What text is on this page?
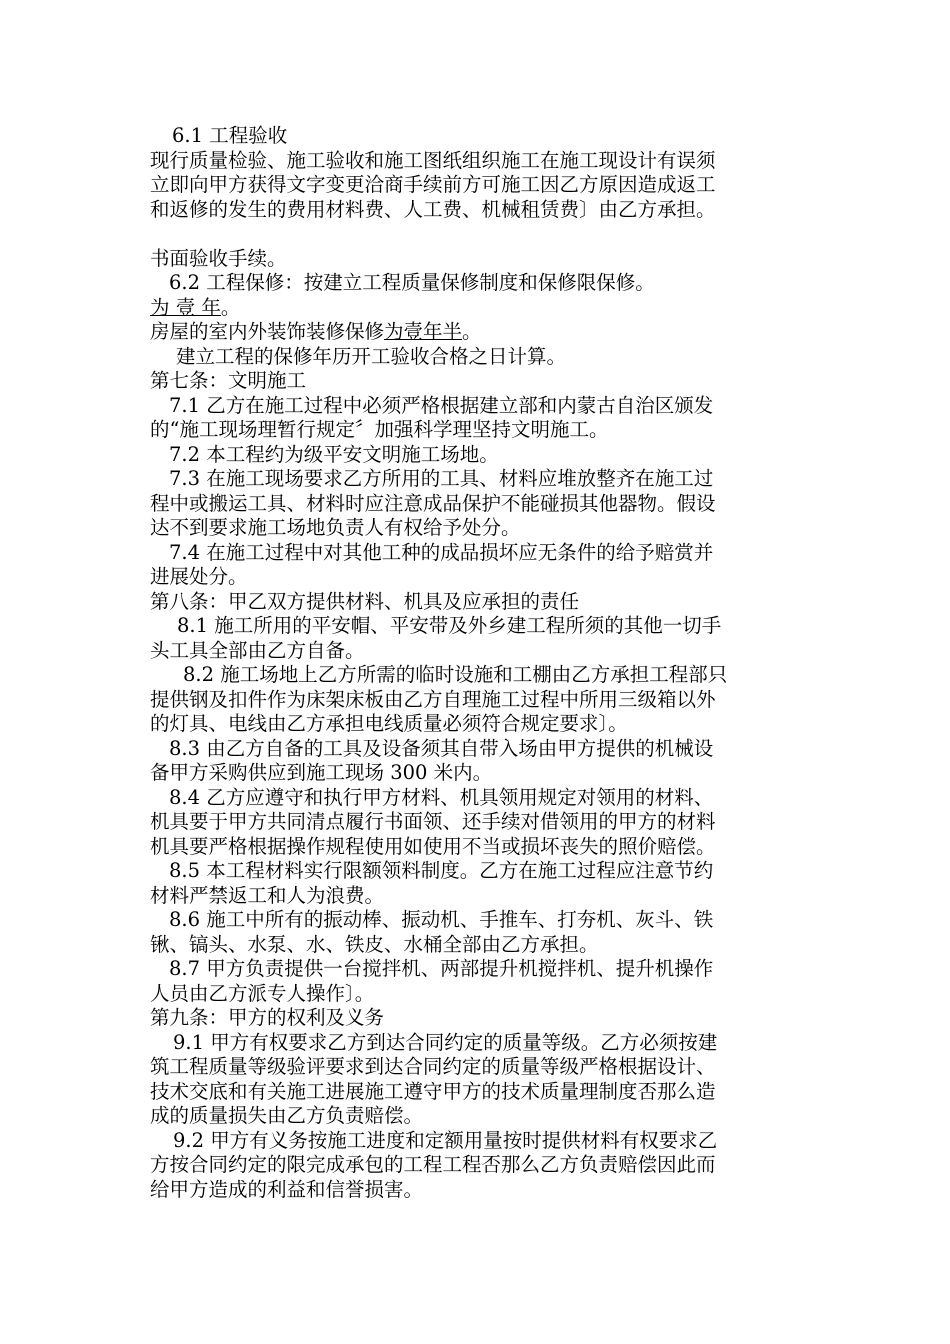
6.1 工程验收
现行质量检验、施工验收和施工图纸组织施工在施工现设计有误须
立即向甲方获得文字变更洽商手续前方可施工因乙方原因造成返工
和返修的发生的费用材料费、人工费、机械租赁费〕由乙方承担。
书面验收手续。
6.2 工程保修：按建立工程质量保修制度和保修限保修。
为 壹 年。
房屋的室内外装饰装修保修为壹年半。
建立工程的保修年历开工验收合格之日计算。
第七条：文明施工
7.1 乙方在施工过程中必须严格根据建立部和内蒙古自治区颁发
的“施工现场理暂行规定〞加强科学理坚持文明施工。
7.2 本工程约为级平安文明施工场地。
7.3 在施工现场要求乙方所用的工具、材料应堆放整齐在施工过
程中或搬运工具、材料时应注意成品保护不能碰损其他器物。假设
达不到要求施工场地负责人有权给予处分。
7.4 在施工过程中对其他工种的成品损坏应无条件的给予赔赏并
进展处分。
第八条：甲乙双方提供材料、机具及应承担的责任
8.1 施工所用的平安帽、平安带及外乡建工程所须的其他一切手
头工具全部由乙方自备。
8.2 施工场地上乙方所需的临时设施和工棚由乙方承担工程部只
提供钢及扣件作为床架床板由乙方自理施工过程中所用三级箱以外
的灯具、电线由乙方承担电线质量必须符合规定要求〕。
8.3 由乙方自备的工具及设备须其自带入场由甲方提供的机械设
备甲方采购供应到施工现场 300 米内。
8.4 乙方应遵守和执行甲方材料、机具领用规定对领用的材料、
机具要于甲方共同清点履行书面领、还手续对借领用的甲方的材料
机具要严格根据操作规程使用如使用不当或损坏丧失的照价赔偿。
8.5 本工程材料实行限额领料制度。乙方在施工过程应注意节约
材料严禁返工和人为浪费。
8.6 施工中所有的振动棒、振动机、手推车、打夯机、灰斗、铁
锹、镐头、水泵、水、铁皮、水桶全部由乙方承担。
8.7 甲方负责提供一台搅拌机、两部提升机搅拌机、提升机操作
人员由乙方派专人操作〕。
第九条：甲方的权利及义务
9.1 甲方有权要求乙方到达合同约定的质量等级。乙方必须按建
筑工程质量等级验评要求到达合同约定的质量等级严格根据设计、
技术交底和有关施工进展施工遵守甲方的技术质量理制度否那么造
成的质量损失由乙方负责赔偿。
9.2 甲方有义务按施工进度和定额用量按时提供材料有权要求乙
方按合同约定的限完成承包的工程工程否那么乙方负责赔偿因此而
给甲方造成的利益和信誉损害。
